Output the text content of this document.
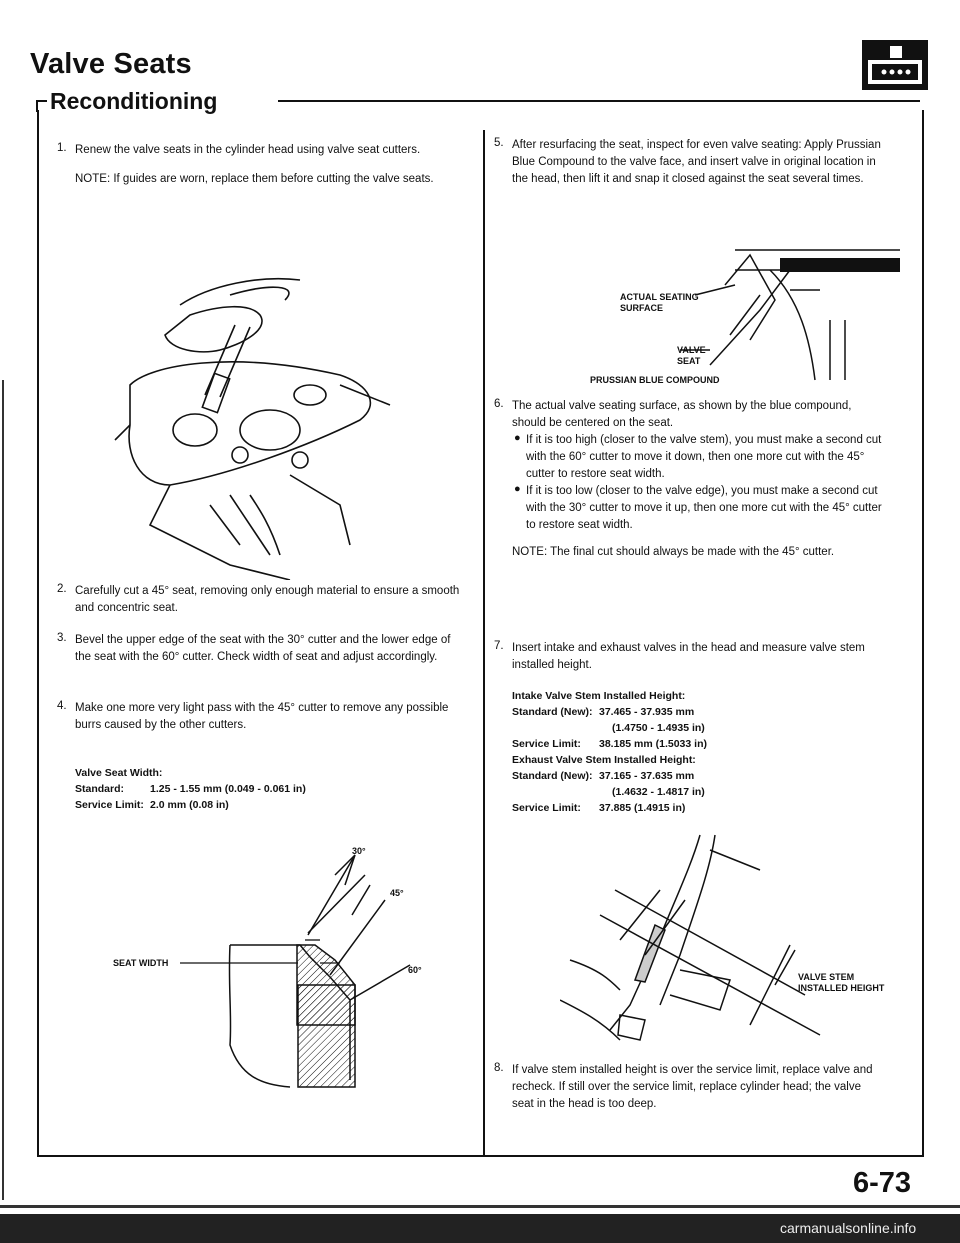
Valve Seats
Reconditioning
1. Renew the valve seats in the cylinder head using valve seat cutters.

NOTE: If guides are worn, replace them before cutting the valve seats.

2. Carefully cut a 45° seat, removing only enough material to ensure a smooth and concentric seat.

3. Bevel the upper edge of the seat with the 30° cutter and the lower edge of the seat with the 60° cutter. Check width of seat and adjust accordingly.

4. Make one more very light pass with the 45° cutter to remove any possible burrs caused by the other cutters.

Valve Seat Width:
Standard: 1.25 - 1.55 mm (0.049 - 0.061 in)
Service Limit: 2.0 mm (0.08 in)
30°
45°
60°
SEAT WIDTH
5. After resurfacing the seat, inspect for even valve seating: Apply Prussian Blue Compound to the valve face, and insert valve in original location in the head, then lift it and snap it closed against the seat several times.

ACTUAL SEATING
SURFACE
VALVE
SEAT
PRUSSIAN BLUE COMPOUND
6. The actual valve seating surface, as shown by the blue compound, should be centered on the seat.

● If it is too high (closer to the valve stem), you must make a second cut with the 60° cutter to move it down, then one more cut with the 45° cutter to restore seat width.

● If it is too low (closer to the valve edge), you must make a second cut with the 30° cutter to move it up, then one more cut with the 45° cutter to restore seat width.

NOTE: The final cut should always be made with the 45° cutter.

7. Insert intake and exhaust valves in the head and measure valve stem installed height.

Intake Valve Stem Installed Height:
Standard (New): 37.465 - 37.935 mm
(1.4750 - 1.4935 in)
Service Limit: 38.185 mm (1.5033 in)
Exhaust Valve Stem Installed Height:
Standard (New): 37.165 - 37.635 mm
(1.4632 - 1.4817 in)
Service Limit: 37.885 (1.4915 in)
VALVE STEM
INSTALLED HEIGHT
8. If valve stem installed height is over the service limit, replace valve and recheck. If still over the service limit, replace cylinder head; the valve seat in the head is too deep.

6-73
carmanualsonline.info
